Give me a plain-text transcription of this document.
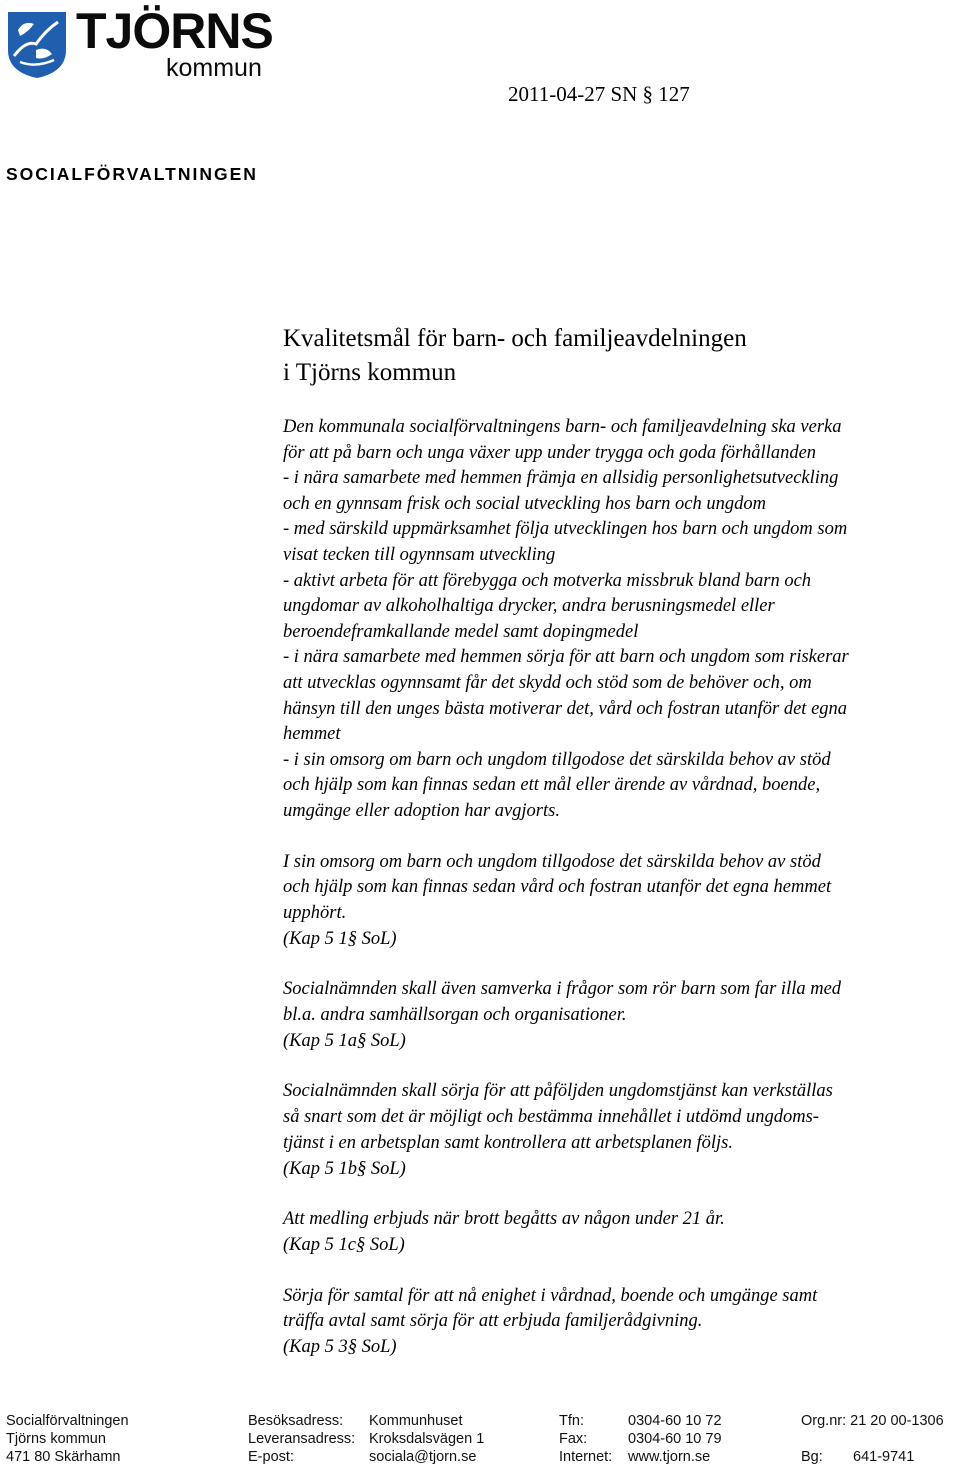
TJÖRNS
kommun
2011-04-27 SN § 127
SOCIALFÖRVALTNINGEN
Kvalitetsmål för barn- och familjeavdelningen
i Tjörns kommun
Den kommunala socialförvaltningens barn- och familjeavdelning ska verka
för att på barn och unga växer upp under trygga och goda förhållanden
- i nära samarbete med hemmen främja en allsidig personlighetsutveckling
och en gynnsam frisk och social utveckling hos barn och ungdom
- med särskild uppmärksamhet följa utvecklingen hos barn och ungdom som
visat tecken till ogynnsam utveckling
- aktivt arbeta för att förebygga och motverka missbruk bland barn och
ungdomar av alkoholhaltiga drycker, andra berusningsmedel eller
beroendeframkallande medel samt dopingmedel
- i nära samarbete med hemmen sörja för att barn och ungdom som riskerar
att utvecklas ogynnsamt får det skydd och stöd som de behöver och, om
hänsyn till den unges bästa motiverar det, vård och fostran utanför det egna
hemmet
- i sin omsorg om barn och ungdom tillgodose det särskilda behov av stöd
och hjälp som kan finnas sedan ett mål eller ärende av vårdnad, boende,
umgänge eller adoption har avgjorts.
I sin omsorg om barn och ungdom tillgodose det särskilda behov av stöd
och hjälp som kan finnas sedan vård och fostran utanför det egna hemmet
upphört.
(Kap 5 1§ SoL)
Socialnämnden skall även samverka i frågor som rör barn som far illa med
bl.a. andra samhällsorgan och organisationer.
(Kap 5 1a§ SoL)
Socialnämnden skall sörja för att påföljden ungdomstjänst kan verkställas
så snart som det är möjligt och bestämma innehållet i utdömd ungdoms-
tjänst i en arbetsplan samt kontrollera att arbetsplanen följs.
(Kap 5 1b§ SoL)
Att medling erbjuds när brott begåtts av någon under 21 år.
(Kap 5 1c§ SoL)
Sörja för samtal för att nå enighet i vårdnad, boende och umgänge samt
träffa avtal samt sörja för att erbjuda familjerådgivning.
(Kap 5 3§ SoL)
Socialförvaltningen	Besöksadress: Kommunhuset	Tfn:	0304-60 10 72	Org.nr: 21 20 00-1306
Tjörns kommun	Leveransadress: Kroksdalsvägen 1	Fax:	0304-60 10 79
471 80 Skärhamn	E-post:	sociala@tjorn.se	Internet: www.tjorn.se	Bg: 641-9741
